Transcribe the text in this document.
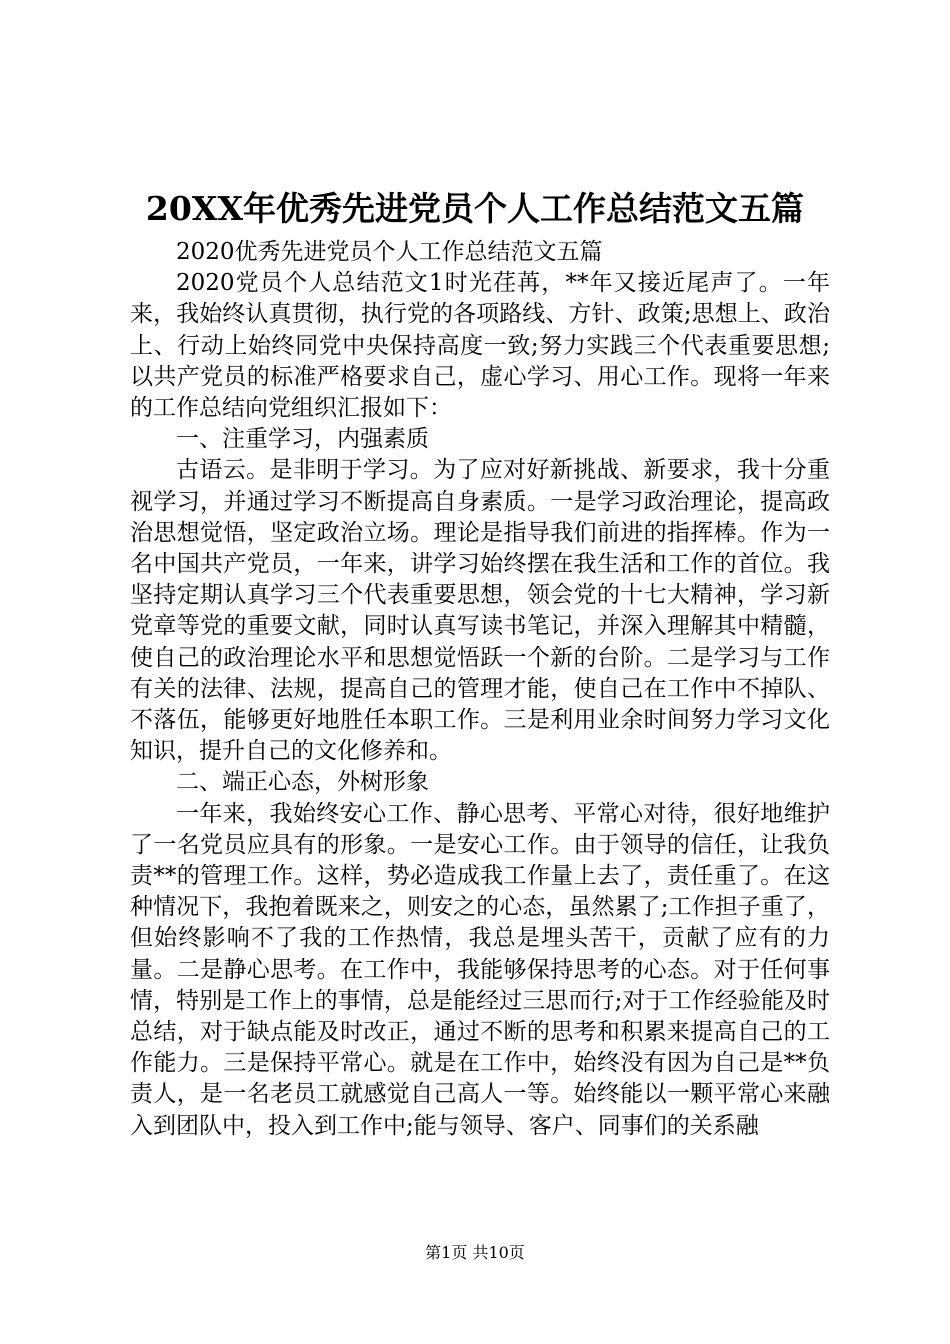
20XX年优秀先进党员个人工作总结范文五篇

2020优秀先进党员个人工作总结范文五篇

2020党员个人总结范文1时光荏苒，**年又接近尾声了。一年来，我始终认真贯彻，执行党的各项路线、方针、政策;思想上、政治上、行动上始终同党中央保持高度一致;努力实践三个代表重要思想;以共产党员的标准严格要求自己，虚心学习、用心工作。现将一年来的工作总结向党组织汇报如下：

一、注重学习，内强素质

古语云。是非明于学习。为了应对好新挑战、新要求，我十分重视学习，并通过学习不断提高自身素质。一是学习政治理论，提高政治思想觉悟，坚定政治立场。理论是指导我们前进的指挥棒。作为一名中国共产党员，一年来，讲学习始终摆在我生活和工作的首位。我坚持定期认真学习三个代表重要思想，领会党的十七大精神，学习新党章等党的重要文献，同时认真写读书笔记，并深入理解其中精髓，使自己的政治理论水平和思想觉悟跃一个新的台阶。二是学习与工作有关的法律、法规，提高自己的管理才能，使自己在工作中不掉队、不落伍，能够更好地胜任本职工作。三是利用业余时间努力学习文化知识，提升自己的文化修养和。

二、端正心态，外树形象

一年来，我始终安心工作、静心思考、平常心对待，很好地维护了一名党员应具有的形象。一是安心工作。由于领导的信任，让我负责**的管理工作。这样，势必造成我工作量上去了，责任重了。在这种情况下，我抱着既来之，则安之的心态，虽然累了;工作担子重了，但始终影响不了我的工作热情，我总是埋头苦干，贡献了应有的力量。二是静心思考。在工作中，我能够保持思考的心态。对于任何事情，特别是工作上的事情，总是能经过三思而行;对于工作经验能及时总结，对于缺点能及时改正，通过不断的思考和积累来提高自己的工作能力。三是保持平常心。就是在工作中，始终没有因为自己是**负责人，是一名老员工就感觉自己高人一等。始终能以一颗平常心来融入到团队中，投入到工作中;能与领导、客户、同事们的关系融

第1页 共10页
